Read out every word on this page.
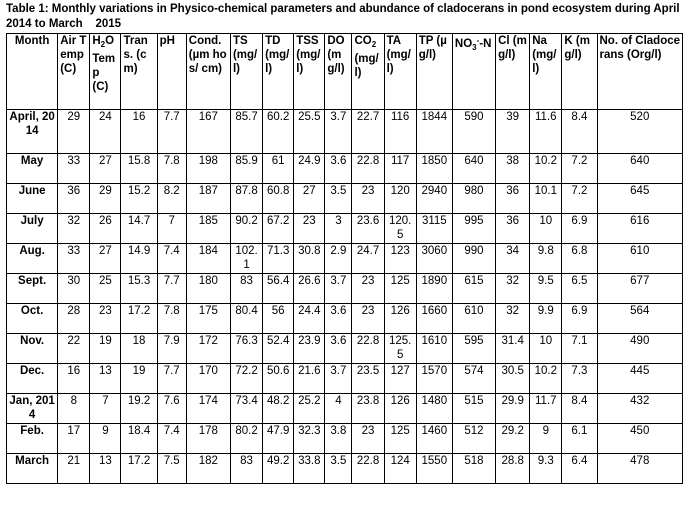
Table 1: Monthly variations in Physico-chemical parameters and abundance of cladocerans in pond ecosystem during April 2014 to March    2015
Month	Air Temp (C)	$H_2O$ Temp (C)	Trans. (cm)	pH	Cond. (µm hos/ cm)	TS (mg/l)	TD (mg/l)	TSS (mg/l)	DO (mg/l)	$CO_2$ (mg/l)	TA (mg/l)	TP (µg/l)	$NO_3^--N$	Cl (mg/l)	Na (mg/l)	K (mg/l)	No. of Cladocerans (Org/l)
April, 2014	29	24	16	7.7	167	85.7	60.2	25.5	3.7	22.7	116	1844	590	39	11.6	8.4	520
May	33	27	15.8	7.8	198	85.9	61	24.9	3.6	22.8	117	1850	640	38	10.2	7.2	640
June	36	29	15.2	8.2	187	87.8	60.8	27	3.5	23	120	2940	980	36	10.1	7.2	645
July	32	26	14.7	7	185	90.2	67.2	23	3	23.6	120.5	3115	995	36	10	6.9	616
Aug.	33	27	14.9	7.4	184	102.1	71.3	30.8	2.9	24.7	123	3060	990	34	9.8	6.8	610
Sept.	30	25	15.3	7.7	180	83	56.4	26.6	3.7	23	125	1890	615	32	9.5	6.5	677
Oct.	28	23	17.2	7.8	175	80.4	56	24.4	3.6	23	126	1660	610	32	9.9	6.9	564
Nov.	22	19	18	7.9	172	76.3	52.4	23.9	3.6	22.8	125.5	1610	595	31.4	10	7.1	490
Dec.	16	13	19	7.7	170	72.2	50.6	21.6	3.7	23.5	127	1570	574	30.5	10.2	7.3	445
Jan, 2014	8	7	19.2	7.6	174	73.4	48.2	25.2	4	23.8	126	1480	515	29.9	11.7	8.4	432
Feb.	17	9	18.4	7.4	178	80.2	47.9	32.3	3.8	23	125	1460	512	29.2	9	6.1	450
March	21	13	17.2	7.5	182	83	49.2	33.8	3.5	22.8	124	1550	518	28.8	9.3	6.4	478
